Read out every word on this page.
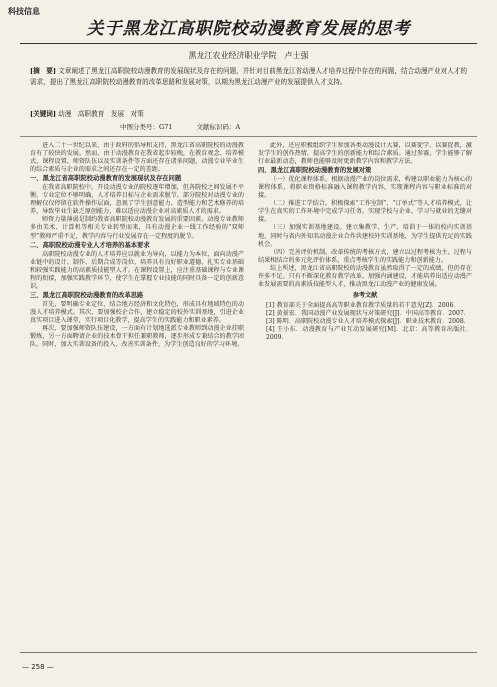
科技信息
关于黑龙江高职院校动漫教育发展的思考
黑龙江农业经济职业学院　卢士强
[摘　要] 文章阐述了黑龙江高职院校动漫教育的发展现状及存在的问题，并针对目前黑龙江省动漫人才培养过程中存在的问题，结合动漫产业对人才的需求，提出了黑龙江高职院校动漫教育的改革思路和发展对策，以期为黑龙江动漫产业的发展提供人才支持。
[关键词] 动漫　高职教育　发展　对策
中图分类号：G71	文献标识码：A

进入二十一世纪以来，由于政府的倡导和支持，黑龙江省高职院校的动漫教育有了较快的发展。然而，由于动漫教育在我省起步较晚，在教育观念、培养模式、课程设置、师资队伍以及实训条件等方面还存在诸多问题，动漫专业毕业生的综合素质与企业的需求之间还存在一定的差距。

一、黑龙江省高职院校动漫教育的发展现状及存在问题

在我省高职院校中，开设动漫专业的院校逐年增加，但各院校之间发展不平衡，专业定位不够明确，人才培养目标与企业需求脱节。部分院校对动漫专业的理解仅仅停留在软件操作层面，忽视了学生创意能力、造型能力和艺术修养的培养，导致毕业生缺乏原创能力，难以适应动漫企业对高素质人才的需求。

师资力量薄弱是制约我省高职院校动漫教育发展的重要因素。动漫专业教师多由美术、计算机等相关专业转型而来，具有动漫企业一线工作经验的“双师型”教师严重不足，教学内容与行业发展存在一定程度的脱节。

二、高职院校动漫专业人才培养的基本要求

高职院校动漫专业的人才培养应以就业为导向，以能力为本位，面向动漫产业链中的设计、制作、后期合成等岗位，培养具有良好职业道德、扎实专业基础和较强实践能力的高素质技能型人才。在课程设置上，应注重基础课程与专业课程的衔接，加强实践教学环节，使学生在掌握专业技能的同时具备一定的创新意识。

三、黑龙江高职院校动漫教育的改革思路

首先，要明确专业定位，结合地方经济和文化特色，形成具有地域特色的动漫人才培养模式。其次，要加强校企合作，建立稳定的校外实训基地，引进企业真实项目进入课堂，实行项目化教学，提高学生的实践能力和职业素养。

再次，要加强师资队伍建设，一方面有计划地选派专业教师到动漫企业挂职锻炼，另一方面聘请企业的技术骨干担任兼职教师，逐步形成专兼结合的教学团队。同时，加大实训设备的投入，改善实训条件，为学生创造良好的学习环境。

此外，还应积极组织学生参加各类动漫设计大赛，以赛促学、以赛促教，激发学生的创作热情，提高学生的创新能力和综合素质。通过参赛，学生能够了解行业最新动态，教师也能够及时更新教学内容和教学方法。

四、黑龙江高职院校动漫教育的发展对策

（一）优化课程体系。根据动漫产业的岗位需求，构建以职业能力为核心的课程体系，将职业资格标准融入课程教学内容，实现课程内容与职业标准的对接。

（二）推进工学结合。积极探索“工作室制”、“订单式”等人才培养模式，让学生在真实的工作环境中完成学习任务，实现学校与企业、学习与就业的无缝对接。

（三）加强实训基地建设。建立集教学、生产、培训于一体的校内实训基地，同时与省内外知名动漫企业合作共建校外实训基地，为学生提供充足的实践机会。

（四）完善评价机制。改革传统的考核方式，建立以过程考核为主、过程与结果相结合的多元化评价体系，重点考核学生的实践能力和创新能力。

综上所述，黑龙江省高职院校的动漫教育虽然取得了一定的成绩，但仍存在许多不足。只有不断深化教育教学改革，加强内涵建设，才能培养出适应动漫产业发展需要的高素质技能型人才，推动黑龙江动漫产业的健康发展。

参考文献

[1] 教育部关于全面提高高等职业教育教学质量的若干意见[Z]．2006．

[2] 黄景宏．我国动漫产业发展现状与对策研究[J]．中国高等教育．2007．

[3] 陈明．高职院校动漫专业人才培养模式探索[J]．职业技术教育．2008．

[4] 王小东．动漫教育与产业互动发展研究[M]．北京：高等教育出版社．2009．

— 258 —
